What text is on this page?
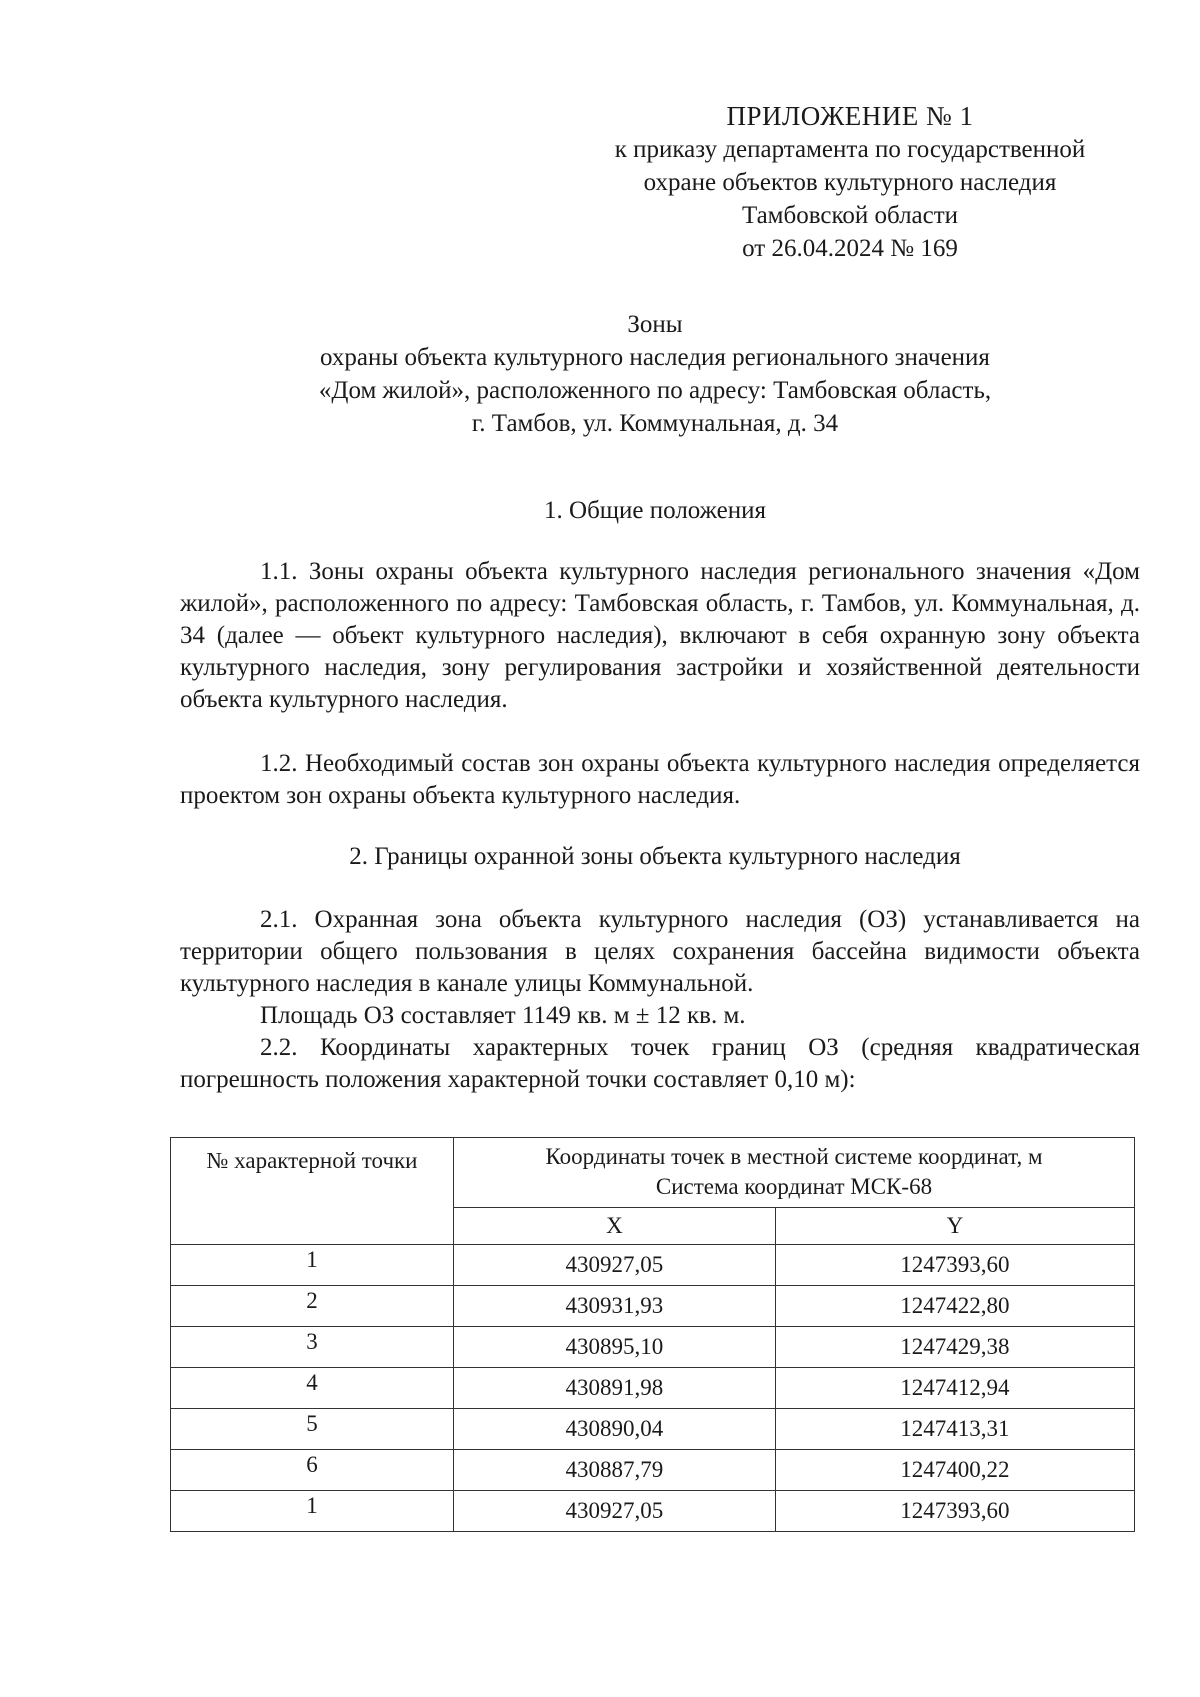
ПРИЛОЖЕНИЕ № 1
к приказу департамента по государственной
охране объектов культурного наследия
Тамбовской области
от 26.04.2024 № 169
Зоны
охраны объекта культурного наследия регионального значения
«Дом жилой», расположенного по адресу: Тамбовская область,
г. Тамбов, ул. Коммунальная, д. 34
1. Общие положения
1.1. Зоны охраны объекта культурного наследия регионального значения «Дом жилой», расположенного по адресу: Тамбовская область, г. Тамбов, ул. Коммунальная, д. 34 (далее — объект культурного наследия), включают в себя охранную зону объекта культурного наследия, зону регулирования застройки и хозяйственной деятельности объекта культурного наследия.
1.2. Необходимый состав зон охраны объекта культурного наследия определяется проектом зон охраны объекта культурного наследия.
2. Границы охранной зоны объекта культурного наследия
2.1. Охранная зона объекта культурного наследия (ОЗ) устанавливается на территории общего пользования в целях сохранения бассейна видимости объекта культурного наследия в канале улицы Коммунальной.
Площадь ОЗ составляет 1149 кв. м ± 12 кв. м.
2.2. Координаты характерных точек границ ОЗ (средняя квадратическая погрешность положения характерной точки составляет 0,10 м):
№ характерной точки	Координаты точек в местной системе координат, м
Система координат МСК-68	

	X	Y
1	430927,05	1247393,60
2	430931,93	1247422,80
3	430895,10	1247429,38
4	430891,98	1247412,94
5	430890,04	1247413,31
6	430887,79	1247400,22
1	430927,05	1247393,60
